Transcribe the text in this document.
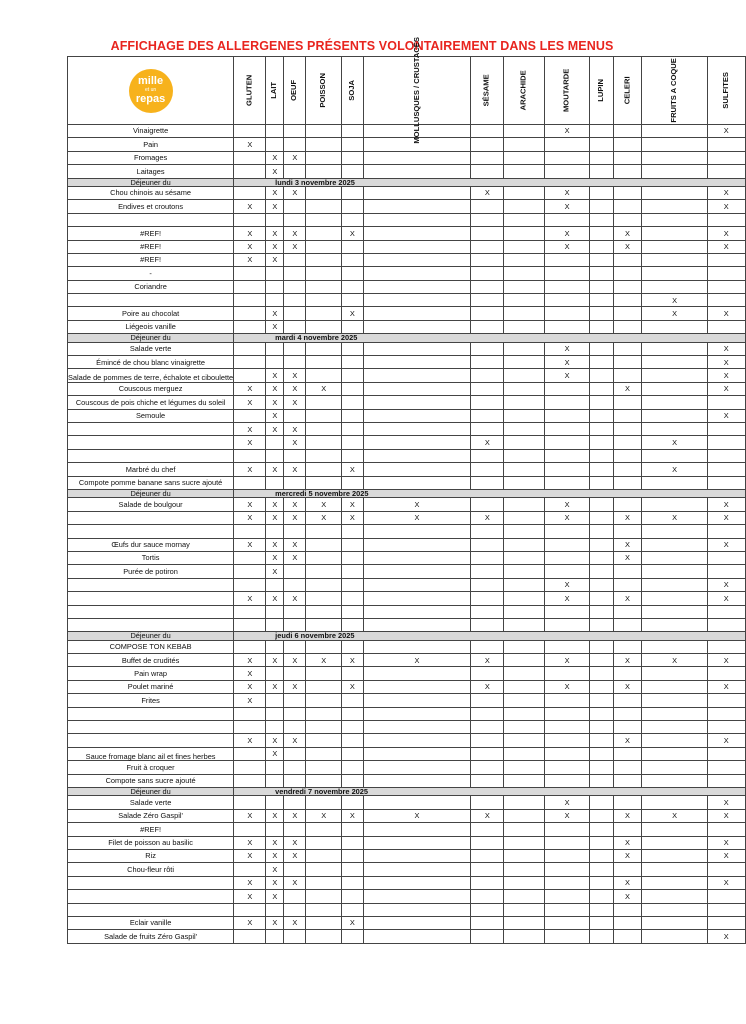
AFFICHAGE DES ALLERGENES PRÉSENTS VOLONTAIREMENT DANS LES MENUS
mille
et un
repas	GLUTEN	LAIT	OEUF	POISSON	SOJA	MOLLUSQUES / CRUSTACÉS	SÉSAME	ARACHIDE	MOUTARDE	LUPIN	CELERI	FRUITS A COQUE	SULFITES
Vinaigrette									X				X
Pain	X												
Fromages		X	X										
Laitages		X											
Déjeuner du	lundi 3 novembre 2025												
Chou chinois au sésame		X	X				X		X				X
Endives et croutons	X	X							X				X

#REF!	X	X	X		X				X		X		X
#REF!	X	X	X						X		X		X
#REF!	X	X											
-													
Coriandre													
												X	
Poire au chocolat		X			X							X	X
Liégeois vanille		X											
Déjeuner du	mardi 4 novembre 2025												
Salade verte									X				X
Émincé de chou blanc vinaigrette									X				X
Salade de pommes de terre, échalote et ciboulette		X	X						X				X
Couscous merguez	X	X	X	X							X		X
Couscous de pois chiche et légumes du soleil	X	X	X										
Semoule		X											X
	X	X	X										
	X		X				X					X	

Marbré du chef	X	X	X		X							X	
Compote pomme banane sans sucre ajouté													
Déjeuner du	mercredi 5 novembre 2025												
Salade de boulgour	X	X	X	X	X	X			X				X
	X	X	X	X	X	X	X		X		X	X	X

Œufs dur sauce mornay	X	X	X								X		X
Tortis		X	X								X		
Purée de potiron		X											
									X				X
	X	X	X						X		X		X

Déjeuner du	jeudi 6 novembre 2025												
COMPOSE TON KEBAB													
Buffet de crudités	X	X	X	X	X	X	X		X		X	X	X
Pain wrap	X												
Poulet mariné	X	X	X		X		X		X		X		X
Frites	X												

	X	X	X								X		X
Sauce fromage blanc ail et fines herbes		X											
Fruit à croquer													
Compote sans sucre ajouté													
Déjeuner du	vendredi 7 novembre 2025												
Salade verte									X				X
Salade Zéro Gaspil'	X	X	X	X	X	X	X		X		X	X	X
#REF!													
Filet de poisson au basilic	X	X	X								X		X
Riz	X	X	X								X		X
Chou-fleur rôti		X											
	X	X	X								X		X
	X	X									X		

Eclair vanille	X	X	X		X								
Salade de fruits Zéro Gaspil'													X
